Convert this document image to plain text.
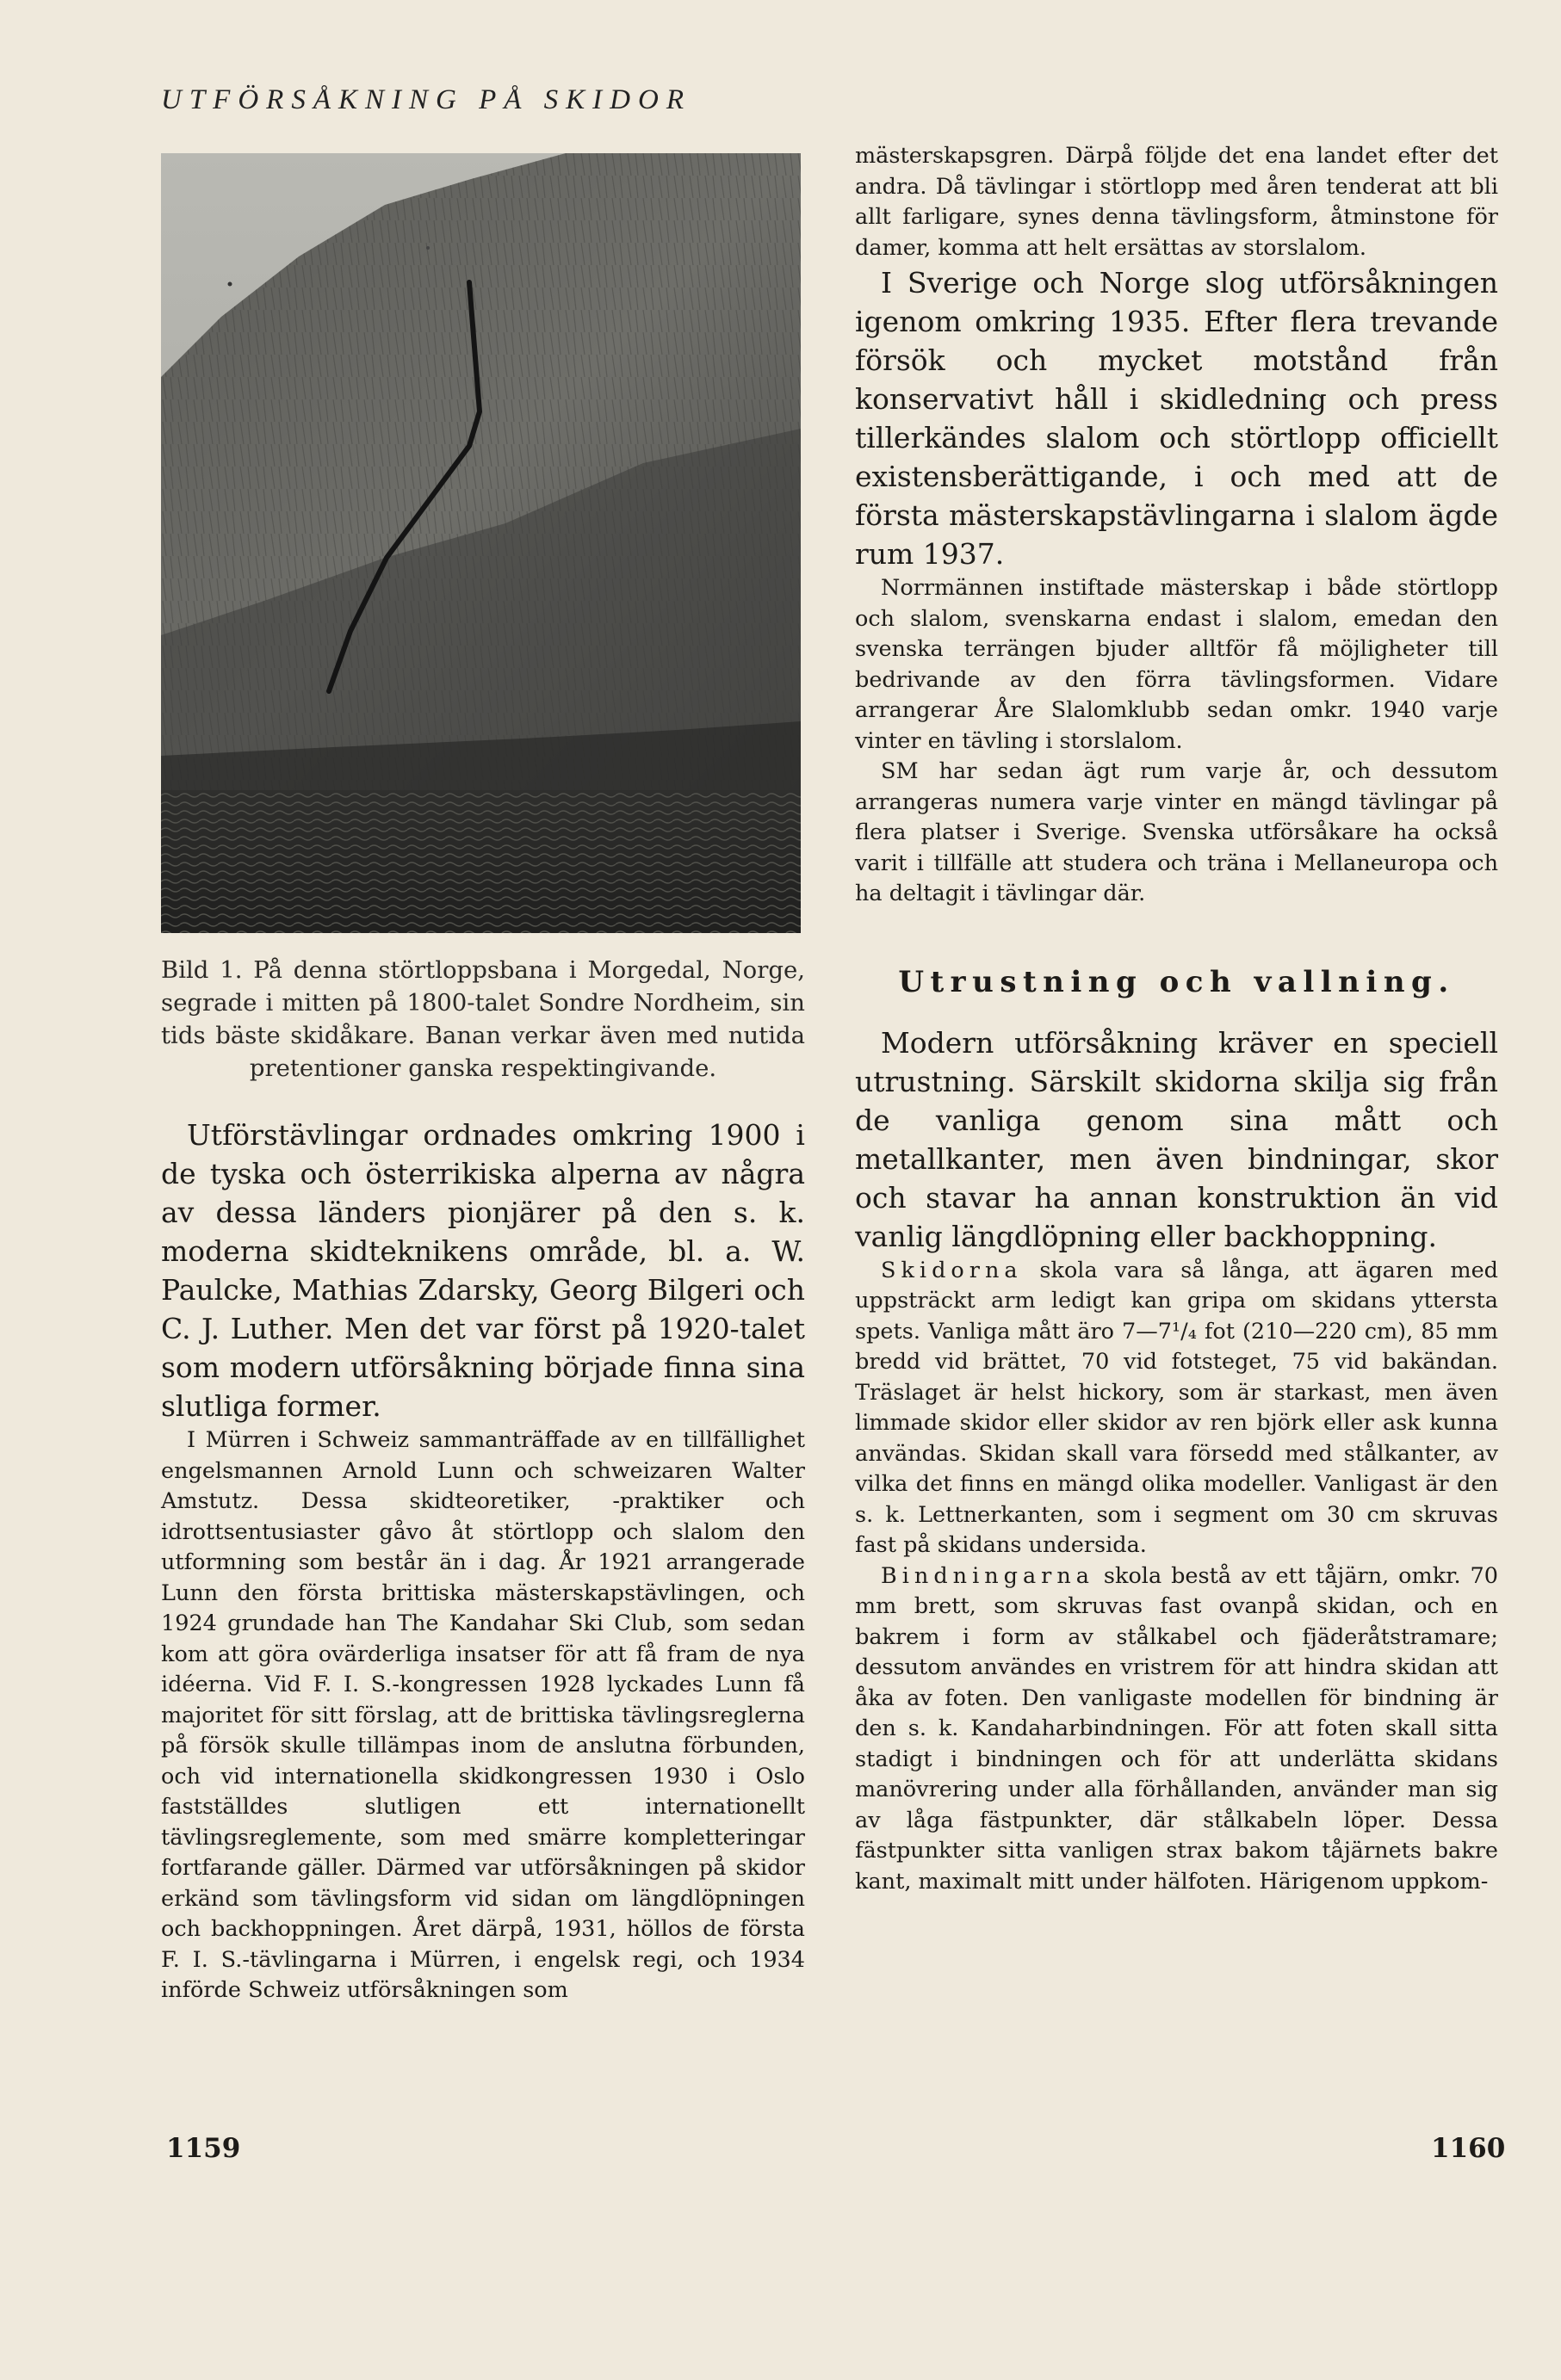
UTFÖRSÅKNING PÅ SKIDOR

Bild 1. På denna störtloppsbana i Morgedal, Norge, segrade i mitten på 1800-talet Sondre Nordheim, sin tids bäste skidåkare. Banan verkar även med nutida pretentioner ganska respektingivande.

Utförstävlingar ordnades omkring 1900 i de tyska och österrikiska alperna av några av dessa länders pionjärer på den s. k. moderna skidteknikens område, bl. a. W. Paulcke, Mathias Zdarsky, Georg Bilgeri och C. J. Luther. Men det var först på 1920-talet som modern utförsåkning började finna sina slutliga former.

I Mürren i Schweiz sammanträffade av en tillfällighet engelsmannen Arnold Lunn och schweizaren Walter Amstutz. Dessa skidteoretiker, -praktiker och idrottsentusiaster gåvo åt störtlopp och slalom den utformning som består än i dag. År 1921 arrangerade Lunn den första brittiska mästerskapstävlingen, och 1924 grundade han The Kandahar Ski Club, som sedan kom att göra ovärderliga insatser för att få fram de nya idéerna. Vid F. I. S.-kongressen 1928 lyckades Lunn få majoritet för sitt förslag, att de brittiska tävlingsreglerna på försök skulle tillämpas inom de anslutna förbunden, och vid internationella skidkongressen 1930 i Oslo fastställdes slutligen ett internationellt tävlingsreglemente, som med smärre kompletteringar fortfarande gäller. Därmed var utförsåkningen på skidor erkänd som tävlingsform vid sidan om längdlöpningen och backhoppningen. Året därpå, 1931, höllos de första F. I. S.-tävlingarna i Mürren, i engelsk regi, och 1934 införde Schweiz utförsåkningen som

mästerskapsgren. Därpå följde det ena landet efter det andra. Då tävlingar i störtlopp med åren tenderat att bli allt farligare, synes denna tävlingsform, åtminstone för damer, komma att helt ersättas av storslalom.

I Sverige och Norge slog utförsåkningen igenom omkring 1935. Efter flera trevande försök och mycket motstånd från konservativt håll i skidledning och press tillerkändes slalom och störtlopp officiellt existensberättigande, i och med att de första mästerskapstävlingarna i slalom ägde rum 1937.

Norrmännen instiftade mästerskap i både störtlopp och slalom, svenskarna endast i slalom, emedan den svenska terrängen bjuder alltför få möjligheter till bedrivande av den förra tävlingsformen. Vidare arrangerar Åre Slalomklubb sedan omkr. 1940 varje vinter en tävling i storslalom.

SM har sedan ägt rum varje år, och dessutom arrangeras numera varje vinter en mängd tävlingar på flera platser i Sverige. Svenska utförsåkare ha också varit i tillfälle att studera och träna i Mellaneuropa och ha deltagit i tävlingar där.

Utrustning och vallning.

Modern utförsåkning kräver en speciell utrustning. Särskilt skidorna skilja sig från de vanliga genom sina mått och metallkanter, men även bindningar, skor och stavar ha annan konstruktion än vid vanlig längdlöpning eller backhoppning.

Skidorna skola vara så långa, att ägaren med uppsträckt arm ledigt kan gripa om skidans yttersta spets. Vanliga mått äro 7—7¹/₄ fot (210—220 cm), 85 mm bredd vid brättet, 70 vid fotsteget, 75 vid bakändan. Träslaget är helst hickory, som är starkast, men även limmade skidor eller skidor av ren björk eller ask kunna användas. Skidan skall vara försedd med stålkanter, av vilka det finns en mängd olika modeller. Vanligast är den s. k. Lettnerkanten, som i segment om 30 cm skruvas fast på skidans undersida.

Bindningarna skola bestå av ett tåjärn, omkr. 70 mm brett, som skruvas fast ovanpå skidan, och en bakrem i form av stålkabel och fjäderåtstramare; dessutom användes en vristrem för att hindra skidan att åka av foten. Den vanligaste modellen för bindning är den s. k. Kandaharbindningen. För att foten skall sitta stadigt i bindningen och för att underlätta skidans manövrering under alla förhållanden, använder man sig av låga fästpunkter, där stålkabeln löper. Dessa fästpunkter sitta vanligen strax bakom tåjärnets bakre kant, maximalt mitt under hälfoten. Härigenom uppkom-

1159	1160
